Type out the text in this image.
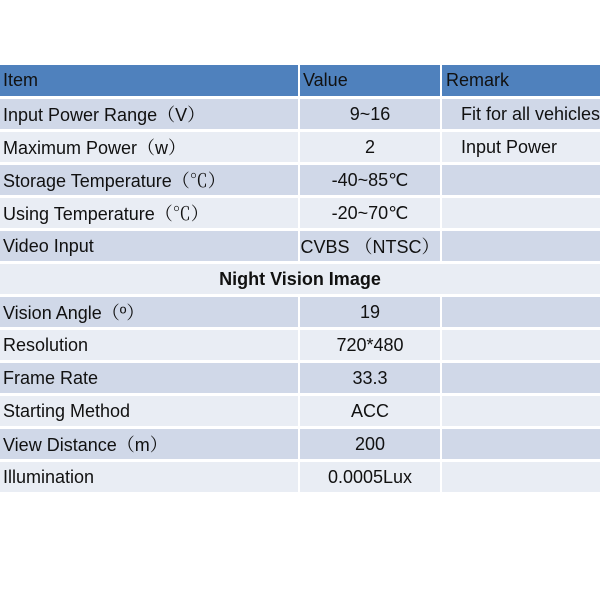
Item	Value	Remark
Input Power Range（V）	9~16	Fit for all vehicles
Maximum Power（w）	2	Input Power
Storage Temperature（℃）	-40~85℃	
Using Temperature（℃）	-20~70℃	
Video Input	CVBS （NTSC）	
Night Vision Image		
Vision Angle（º）	19	
Resolution	720*480	
Frame Rate	33.3	
Starting Method	ACC	
View Distance（m）	200	
Illumination	0.0005Lux	
